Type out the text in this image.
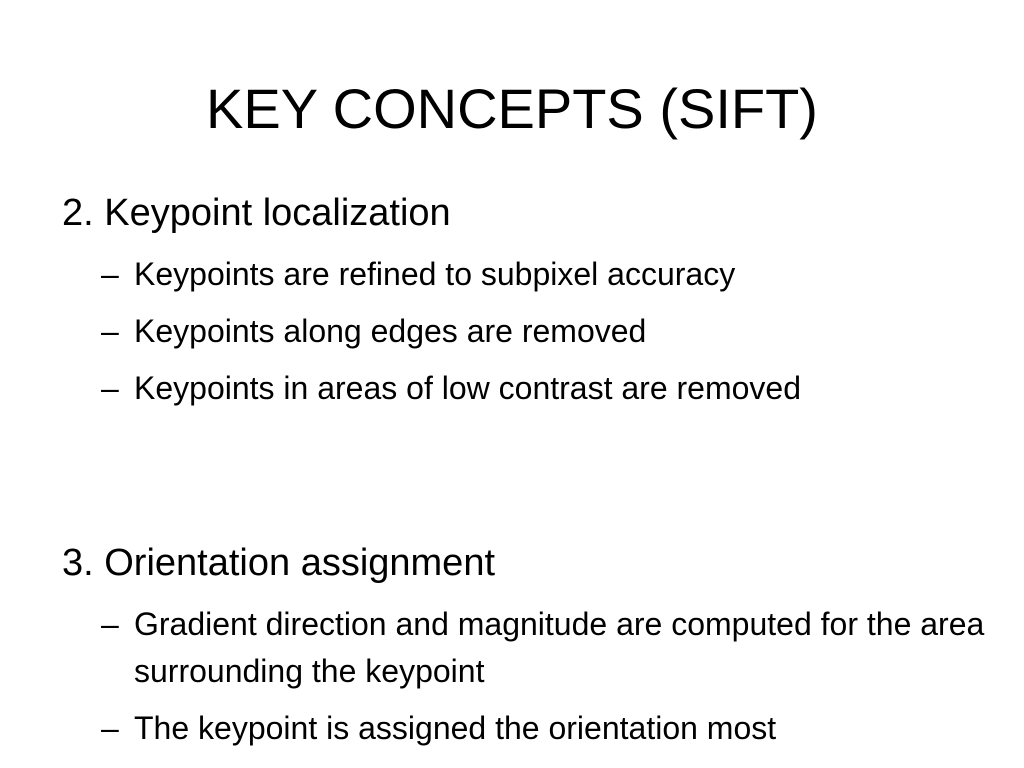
KEY CONCEPTS (SIFT)

2. Keypoint localization

– Keypoints are refined to subpixel accuracy
– Keypoints along edges are removed
– Keypoints in areas of low contrast are removed

3. Orientation assignment

– Gradient direction and magnitude are computed for the area surrounding the keypoint
– The keypoint is assigned the orientation most
